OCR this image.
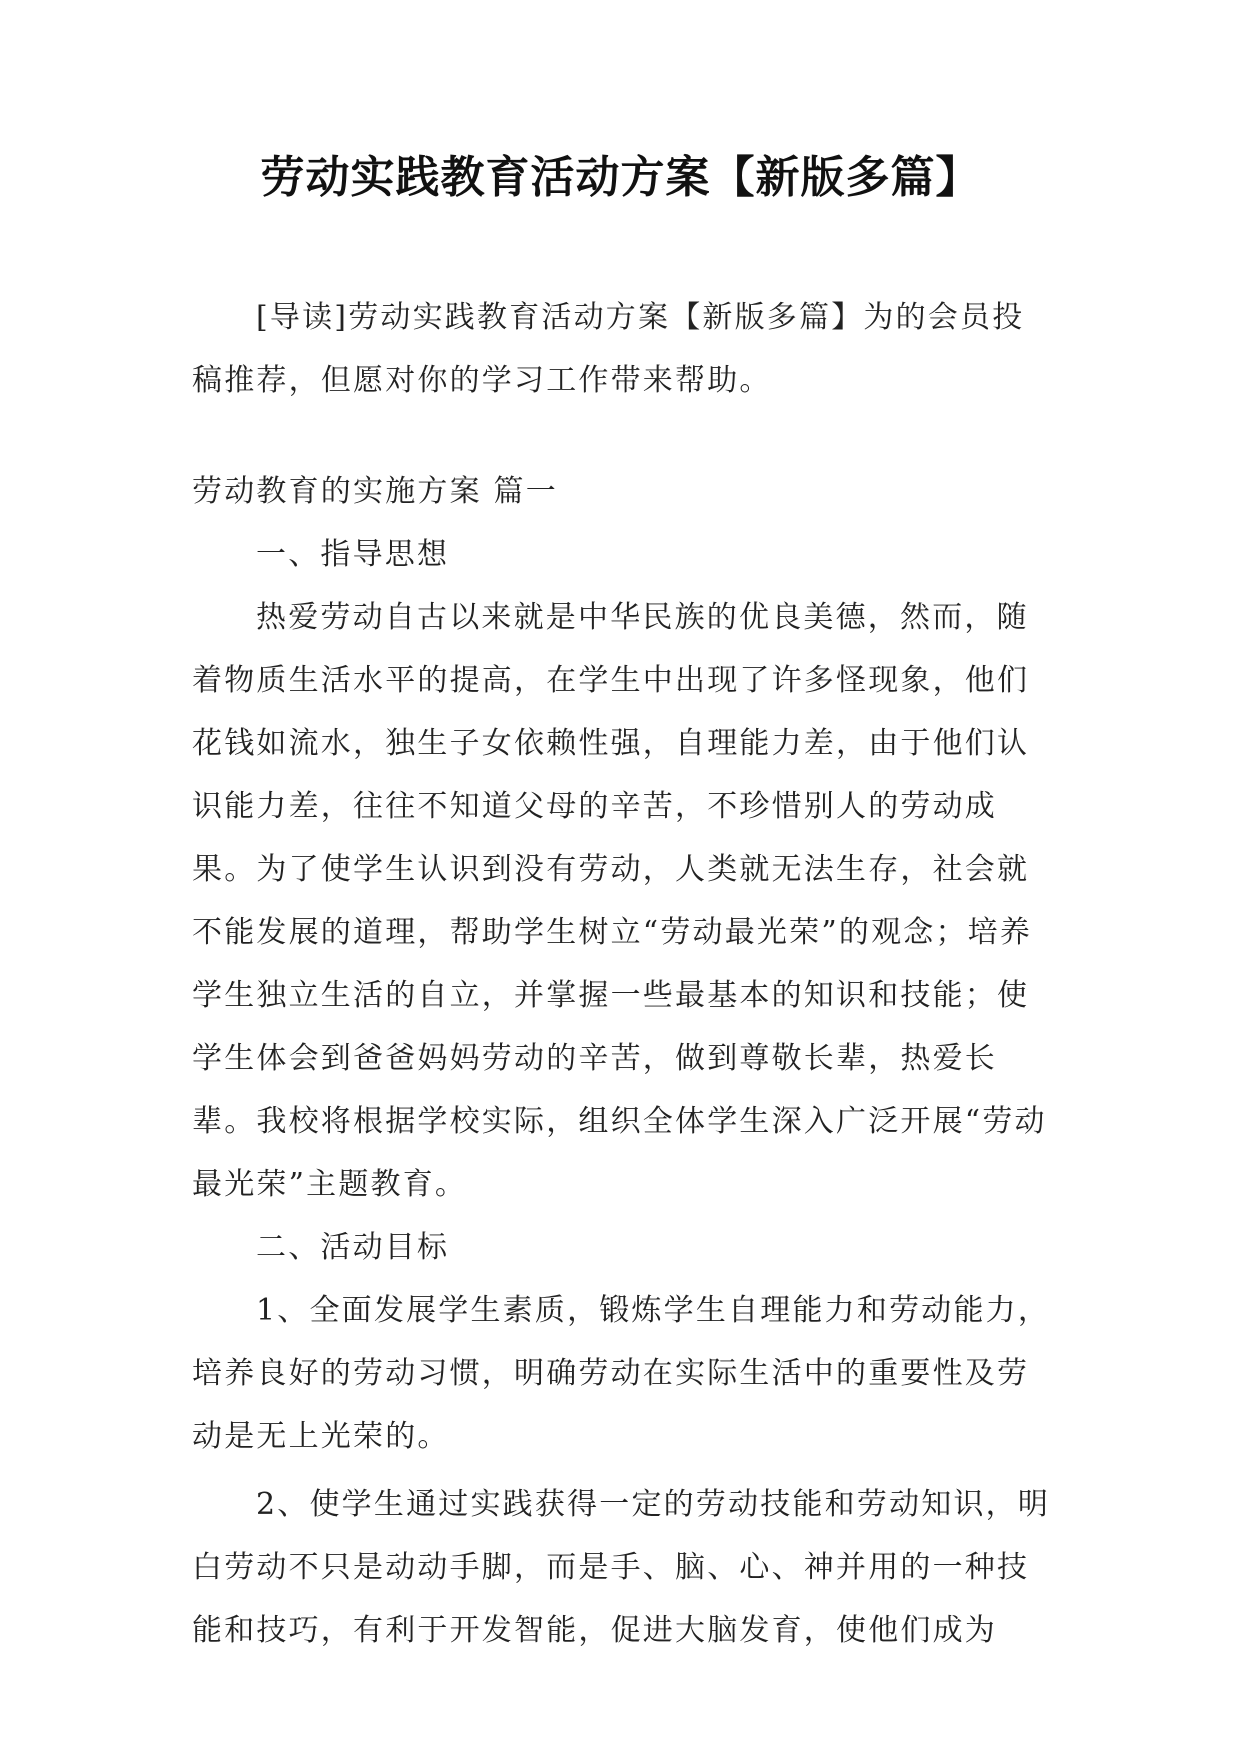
劳动实践教育活动方案【新版多篇】

[导读]劳动实践教育活动方案【新版多篇】为的会员投稿推荐，但愿对你的学习工作带来帮助。

劳动教育的实施方案 篇一

一、指导思想

热爱劳动自古以来就是中华民族的优良美德，然而，随着物质生活水平的提高，在学生中出现了许多怪现象，他们花钱如流水，独生子女依赖性强，自理能力差，由于他们认识能力差，往往不知道父母的辛苦，不珍惜别人的劳动成果。为了使学生认识到没有劳动，人类就无法生存，社会就不能发展的道理，帮助学生树立“劳动最光荣”的观念；培养学生独立生活的自立，并掌握一些最基本的知识和技能；使学生体会到爸爸妈妈劳动的辛苦，做到尊敬长辈，热爱长辈。我校将根据学校实际，组织全体学生深入广泛开展“劳动最光荣”主题教育。

二、活动目标

1、全面发展学生素质，锻炼学生自理能力和劳动能力，培养良好的劳动习惯，明确劳动在实际生活中的重要性及劳动是无上光荣的。

2、使学生通过实践获得一定的劳动技能和劳动知识，明白劳动不只是动动手脚，而是手、脑、心、神并用的一种技能和技巧，有利于开发智能，促进大脑发育，使他们成为
